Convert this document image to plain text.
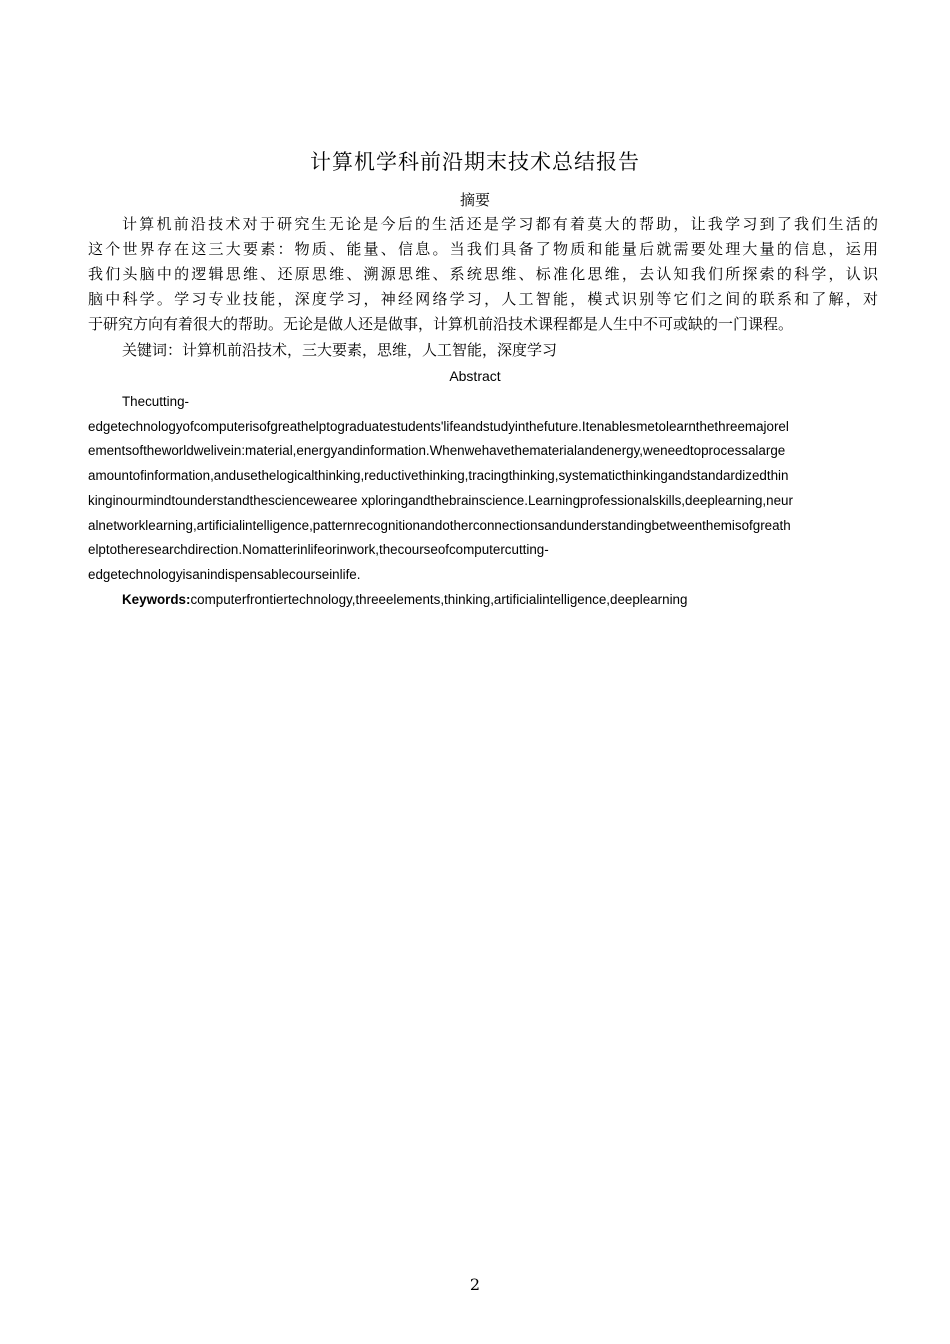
计算机学科前沿期末技术总结报告
摘要
计算机前沿技术对于研究生无论是今后的生活还是学习都有着莫大的帮助，让我学习到了我们生活的
这个世界存在这三大要素：物质、能量、信息。当我们具备了物质和能量后就需要处理大量的信息，运用
我们头脑中的逻辑思维、还原思维、溯源思维、系统思维、标准化思维，去认知我们所探索的科学，认识
脑中科学。学习专业技能，深度学习，神经网络学习，人工智能，模式识别等它们之间的联系和了解，对
于研究方向有着很大的帮助。无论是做人还是做事，计算机前沿技术课程都是人生中不可或缺的一门课程。
关键词：计算机前沿技术，三大要素，思维，人工智能，深度学习
Abstract
Thecutting-
edgetechnologyofcomputerisofgreathelptograduatestudents'lifeandstudyinthefuture.Itenablesmetolearnthethreemajorel
ementsoftheworldwelivein:material,energyandinformation.Whenwehavethematerialandenergy,weneedtoprocessalarge
amountofinformation,andusethelogicalthinking,reductivethinking,tracingthinking,systematicthinkingandstandardizedthin
kinginourmindtounderstandthesciencewearee xploringandthebrainscience.Learningprofessionalskills,deeplearning,neur
alnetworklearning,artificialintelligence,patternrecognitionandotherconnectionsandunderstandingbetweenthemisofgreath
elptotheresearchdirection.Nomatterinlifeorinwork,thecourseofcomputercutting-
edgetechnologyisanindispensablecourseinlife.
Keywords:computerfrontiertechnology,threeelements,thinking,artificialintelligence,deeplearning
2
